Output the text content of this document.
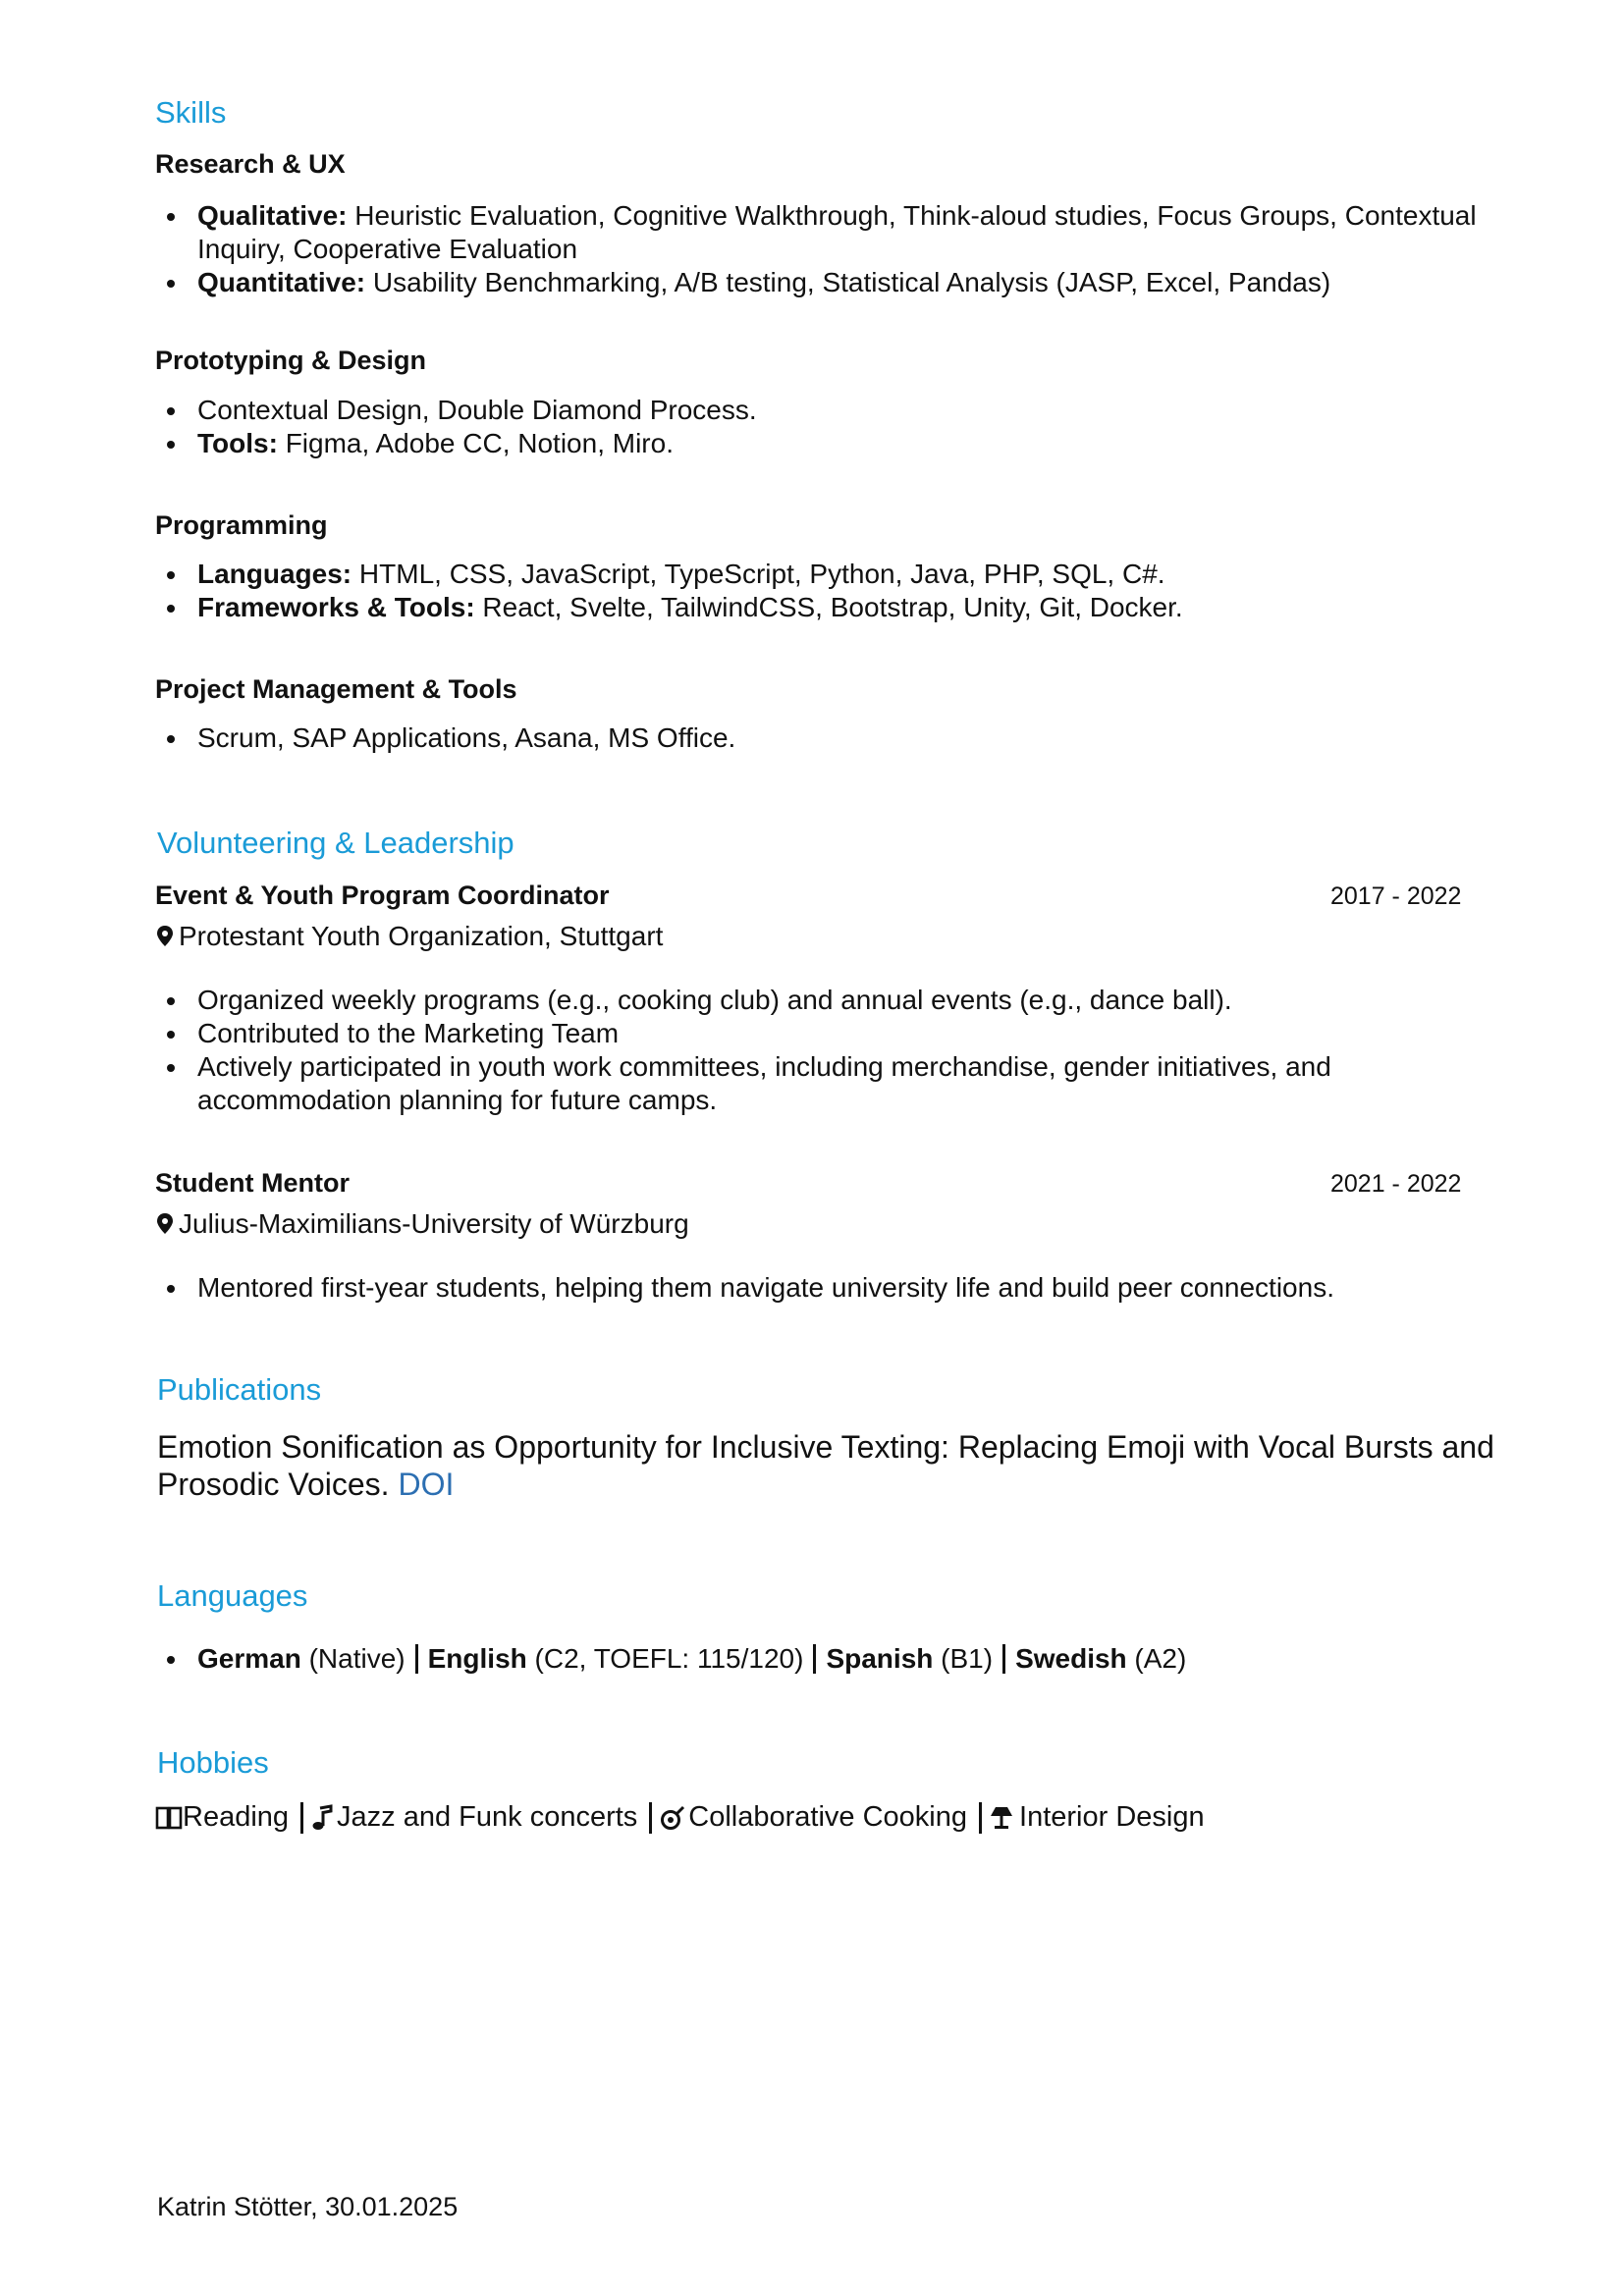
Skills
Research & UX
Qualitative: Heuristic Evaluation, Cognitive Walkthrough, Think-aloud studies, Focus Groups, Contextual Inquiry, Cooperative Evaluation
Quantitative: Usability Benchmarking, A/B testing, Statistical Analysis (JASP, Excel, Pandas)
Prototyping & Design
Contextual Design, Double Diamond Process.
Tools: Figma, Adobe CC, Notion, Miro.
Programming
Languages: HTML, CSS, JavaScript, TypeScript, Python, Java, PHP, SQL, C#.
Frameworks & Tools: React, Svelte, TailwindCSS, Bootstrap, Unity, Git, Docker.
Project Management & Tools
Scrum, SAP Applications, Asana, MS Office.
Volunteering & Leadership
Event & Youth Program Coordinator	2017 - 2022
Protestant Youth Organization, Stuttgart
Organized weekly programs (e.g., cooking club) and annual events (e.g., dance ball).
Contributed to the Marketing Team
Actively participated in youth work committees, including merchandise, gender initiatives, and accommodation planning for future camps.
Student Mentor	2021 - 2022
Julius-Maximilians-University of Würzburg
Mentored first-year students, helping them navigate university life and build peer connections.
Publications

Emotion Sonification as Opportunity for Inclusive Texting: Replacing Emoji with Vocal Bursts and Prosodic Voices. DOI

Languages
German (Native) English (C2, TOEFL: 115/120) Spanish (B1) Swedish (A2)
Hobbies
Reading Jazz and Funk concerts Collaborative Cooking Interior Design
Katrin Stötter, 30.01.2025
